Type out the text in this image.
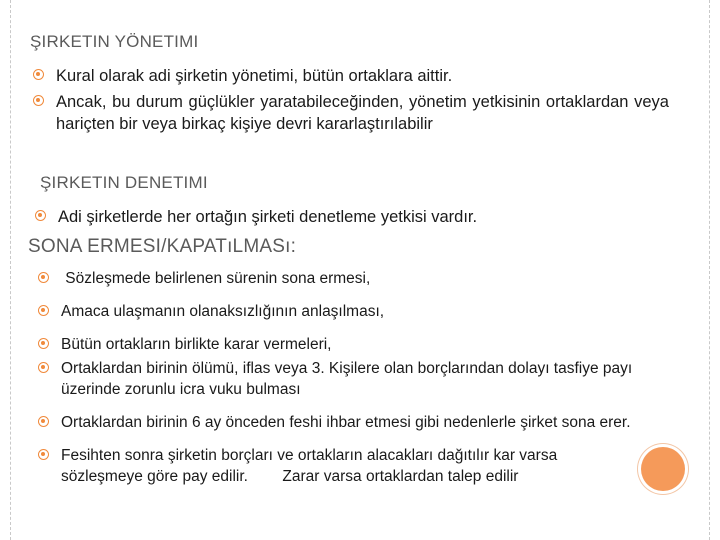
ŞIRKETIN YÖNETIMI
Kural olarak adi şirketin yönetimi, bütün ortaklara aittir.
Ancak, bu durum güçlükler yaratabileceğinden, yönetim yetkisinin ortaklardan veya hariçten bir veya birkaç kişiye devri kararlaştırılabilir
ŞIRKETIN DENETIMI
Adi şirketlerde her ortağın şirketi denetleme yetkisi vardır.
SONA ERMESI/KAPATıLMASı:
Sözleşmede belirlenen sürenin sona ermesi,
Amaca ulaşmanın olanaksızlığının anlaşılması,
Bütün ortakların birlikte karar vermeleri,
Ortaklardan birinin ölümü, iflas veya 3. Kişilere olan borçlarından dolayı tasfiye payı üzerinde zorunlu icra vuku bulması
Ortaklardan birinin 6 ay önceden feshi ihbar etmesi gibi nedenlerle şirket sona erer.
Fesihten sonra şirketin borçları ve ortakların alacakları dağıtılır kar varsa sözleşmeye göre pay edilir.        Zarar varsa ortaklardan talep edilir
